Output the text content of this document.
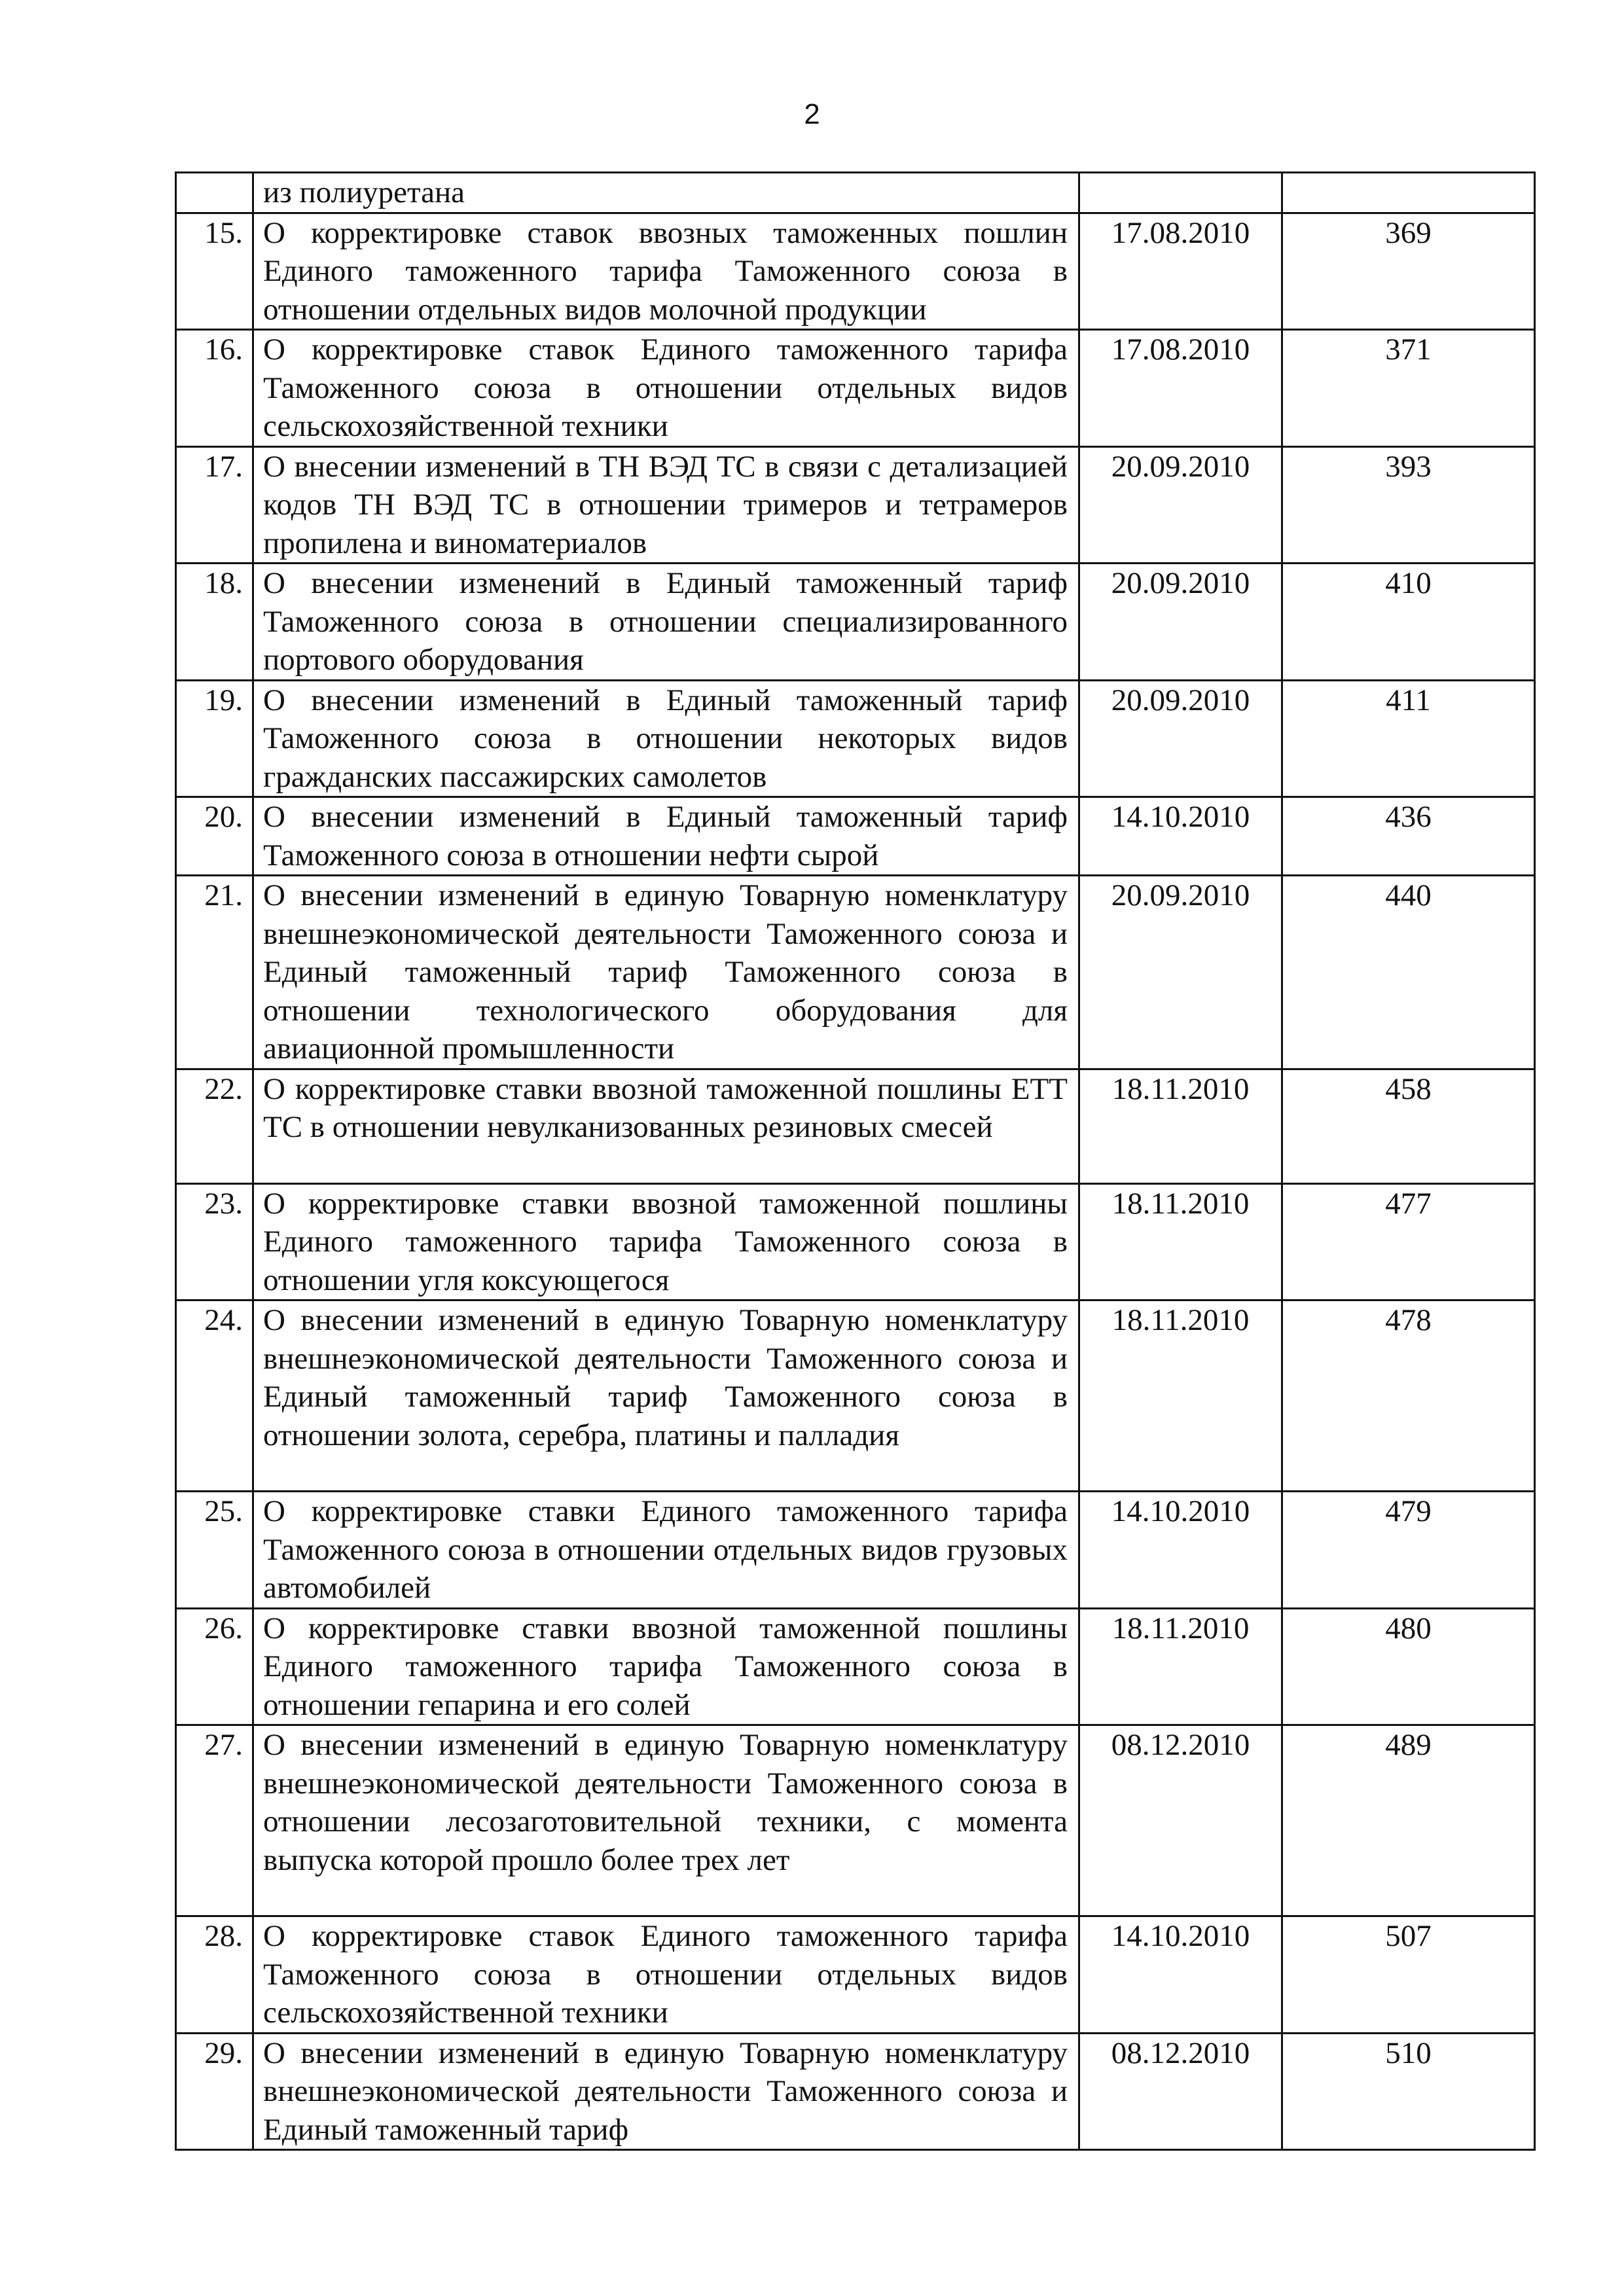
2
	из полиуретана		
15.	О корректировке ставок ввозных таможенных пошлин Единого таможенного тарифа Таможенного союза в отношении отдельных видов молочной продукции	17.08.2010	369
16.	О корректировке ставок Единого таможенного тарифа Таможенного союза в отношении отдельных видов сельскохозяйственной техники	17.08.2010	371
17.	О внесении изменений в ТН ВЭД ТС в связи с детализацией кодов ТН ВЭД ТС в отношении тримеров и тетрамеров пропилена и виноматериалов	20.09.2010	393
18.	О внесении изменений в Единый таможенный тариф Таможенного союза в отношении специализированного портового оборудования	20.09.2010	410
19.	О внесении изменений в Единый таможенный тариф Таможенного союза в отношении некоторых видов гражданских пассажирских самолетов	20.09.2010	411
20.	О внесении изменений в Единый таможенный тариф Таможенного союза в отношении нефти сырой	14.10.2010	436
21.	О внесении изменений в единую Товарную номенклатуру внешнеэкономической деятельности Таможенного союза и Единый таможенный тариф Таможенного союза в отношении технологического оборудования для авиационной промышленности	20.09.2010	440
22.	О корректировке ставки ввозной таможенной пошлины ЕТТ ТС в отношении невулканизованных резиновых смесей	18.11.2010	458
23.	О корректировке ставки ввозной таможенной пошлины Единого таможенного тарифа Таможенного союза в отношении угля коксующегося	18.11.2010	477
24.	О внесении изменений в единую Товарную номенклатуру внешнеэкономической деятельности Таможенного союза и Единый таможенный тариф Таможенного союза в отношении золота, серебра, платины и палладия	18.11.2010	478
25.	О корректировке ставки Единого таможенного тарифа Таможенного союза в отношении отдельных видов грузовых автомобилей	14.10.2010	479
26.	О корректировке ставки ввозной таможенной пошлины Единого таможенного тарифа Таможенного союза в отношении гепарина и его солей	18.11.2010	480
27.	О внесении изменений в единую Товарную номенклатуру внешнеэкономической деятельности Таможенного союза в отношении лесозаготовительной техники, с момента выпуска которой прошло более трех лет	08.12.2010	489
28.	О корректировке ставок Единого таможенного тарифа Таможенного союза в отношении отдельных видов сельскохозяйственной техники	14.10.2010	507
29.	О внесении изменений в единую Товарную номенклатуру внешнеэкономической деятельности Таможенного союза и Единый таможенный тариф	08.12.2010	510
